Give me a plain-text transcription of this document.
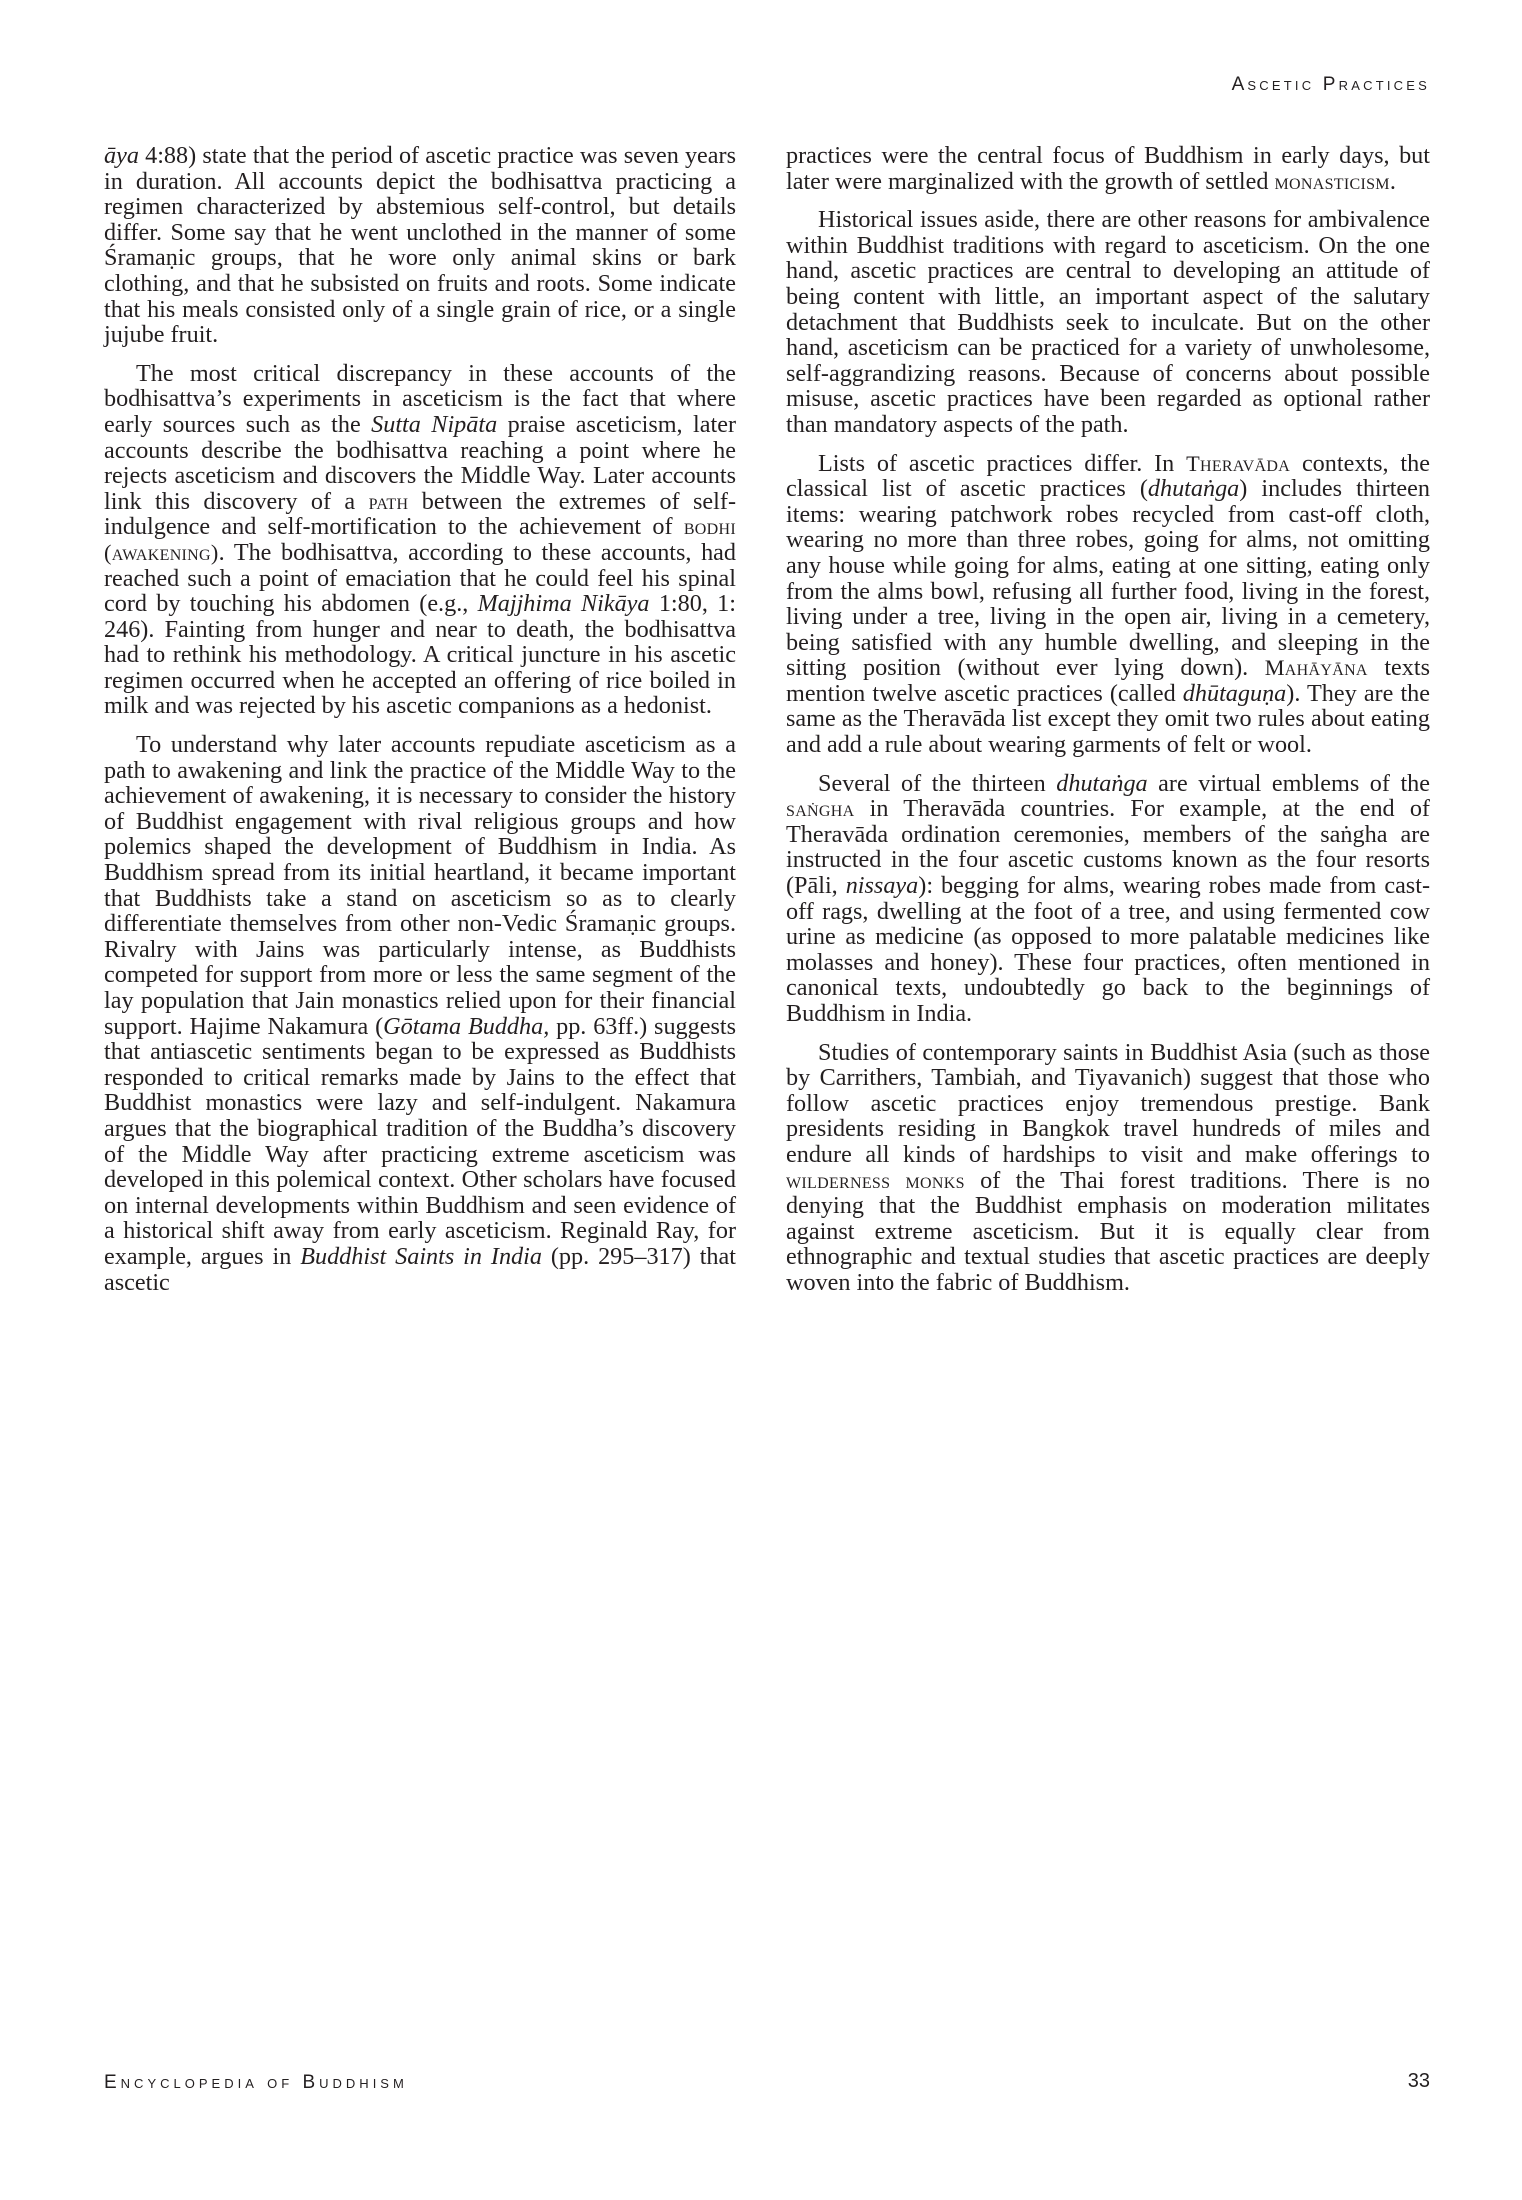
Ascetic Practices

āya 4:88) state that the period of ascetic practice was seven years in duration. All accounts depict the bodhisattva practicing a regimen characterized by abstemious self-control, but details differ. Some say that he went unclothed in the manner of some Śramaṇic groups, that he wore only animal skins or bark clothing, and that he subsisted on fruits and roots. Some indicate that his meals consisted only of a single grain of rice, or a single jujube fruit.

The most critical discrepancy in these accounts of the bodhisattva’s experiments in asceticism is the fact that where early sources such as the Sutta Nipāta praise asceticism, later accounts describe the bodhisattva reaching a point where he rejects asceticism and discovers the Middle Way. Later accounts link this discovery of a path between the extremes of self-indulgence and self-mortification to the achievement of bodhi (awakening). The bodhisattva, according to these accounts, had reached such a point of emaciation that he could feel his spinal cord by touching his abdomen (e.g., Majjhima Nikāya 1:80, 1: 246). Fainting from hunger and near to death, the bodhisattva had to rethink his methodology. A critical juncture in his ascetic regimen occurred when he accepted an offering of rice boiled in milk and was rejected by his ascetic companions as a hedonist.

To understand why later accounts repudiate asceticism as a path to awakening and link the practice of the Middle Way to the achievement of awakening, it is necessary to consider the history of Buddhist engagement with rival religious groups and how polemics shaped the development of Buddhism in India. As Buddhism spread from its initial heartland, it became important that Buddhists take a stand on asceticism so as to clearly differentiate themselves from other non-Vedic Śramaṇic groups. Rivalry with Jains was particularly intense, as Buddhists competed for support from more or less the same segment of the lay population that Jain monastics relied upon for their financial support. Hajime Nakamura (Gōtama Buddha, pp. 63ff.) suggests that antiascetic sentiments began to be expressed as Buddhists responded to critical remarks made by Jains to the effect that Buddhist monastics were lazy and self-indulgent. Nakamura argues that the biographical tradition of the Buddha’s discovery of the Middle Way after practicing extreme asceticism was developed in this polemical context. Other scholars have focused on internal developments within Buddhism and seen evidence of a historical shift away from early asceticism. Reginald Ray, for example, argues in Buddhist Saints in India (pp. 295–317) that ascetic

practices were the central focus of Buddhism in early days, but later were marginalized with the growth of settled monasticism.

Historical issues aside, there are other reasons for ambivalence within Buddhist traditions with regard to asceticism. On the one hand, ascetic practices are central to developing an attitude of being content with little, an important aspect of the salutary detachment that Buddhists seek to inculcate. But on the other hand, asceticism can be practiced for a variety of unwholesome, self-aggrandizing reasons. Because of concerns about possible misuse, ascetic practices have been regarded as optional rather than mandatory aspects of the path.

Lists of ascetic practices differ. In Theravāda contexts, the classical list of ascetic practices (dhutaṅga) includes thirteen items: wearing patchwork robes recycled from cast-off cloth, wearing no more than three robes, going for alms, not omitting any house while going for alms, eating at one sitting, eating only from the alms bowl, refusing all further food, living in the forest, living under a tree, living in the open air, living in a cemetery, being satisfied with any humble dwelling, and sleeping in the sitting position (without ever lying down). Mahāyāna texts mention twelve ascetic practices (called dhūtaguṇa). They are the same as the Theravāda list except they omit two rules about eating and add a rule about wearing garments of felt or wool.

Several of the thirteen dhutaṅga are virtual emblems of the saṅgha in Theravāda countries. For example, at the end of Theravāda ordination ceremonies, members of the saṅgha are instructed in the four ascetic customs known as the four resorts (Pāli, nissaya): begging for alms, wearing robes made from cast-off rags, dwelling at the foot of a tree, and using fermented cow urine as medicine (as opposed to more palatable medicines like molasses and honey). These four practices, often mentioned in canonical texts, undoubtedly go back to the beginnings of Buddhism in India.

Studies of contemporary saints in Buddhist Asia (such as those by Carrithers, Tambiah, and Tiyavanich) suggest that those who follow ascetic practices enjoy tremendous prestige. Bank presidents residing in Bangkok travel hundreds of miles and endure all kinds of hardships to visit and make offerings to wilderness monks of the Thai forest traditions. There is no denying that the Buddhist emphasis on moderation militates against extreme asceticism. But it is equally clear from ethnographic and textual studies that ascetic practices are deeply woven into the fabric of Buddhism.

Encyclopedia of Buddhism	33
